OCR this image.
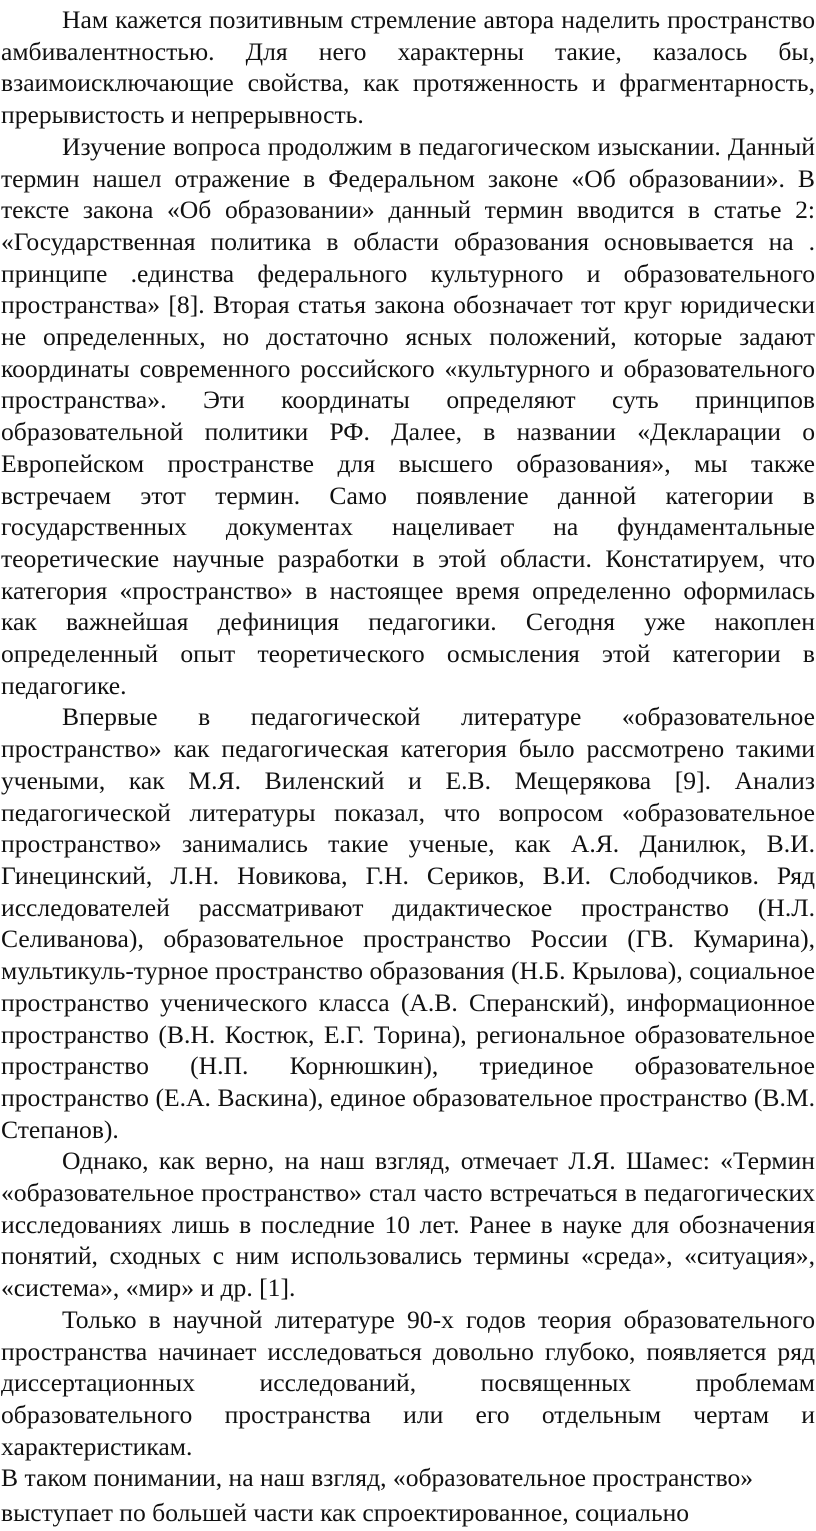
Нам кажется позитивным стремление автора наделить пространство амбивалентностью. Для него характерны такие, казалось бы, взаимоисключающие свойства, как протяженность и фрагментарность, прерывистость и непрерывность.

Изучение вопроса продолжим в педагогическом изыскании. Данный термин нашел отражение в Федеральном законе «Об образовании». В тексте закона «Об образовании» данный термин вводится в статье 2: «Государственная политика в области образования основывается на . принципе .единства федерального культурного и образовательного пространства» [8]. Вторая статья закона обозначает тот круг юридически не определенных, но достаточно ясных положений, которые задают координаты современного российского «культурного и образовательного пространства». Эти координаты определяют суть принципов образовательной политики РФ. Далее, в названии «Декларации о Европейском пространстве для высшего образования», мы также встречаем этот термин. Само появление данной категории в государственных документах нацеливает на фундаментальные теоретические научные разработки в этой области. Констатируем, что категория «пространство» в настоящее время определенно оформилась как важнейшая дефиниция педагогики. Сегодня уже накоплен определенный опыт теоретического осмысления этой категории в педагогике.

Впервые в педагогической литературе «образовательное пространство» как педагогическая категория было рассмотрено такими учеными, как М.Я. Виленский и Е.В. Мещерякова [9]. Анализ педагогической литературы показал, что вопросом «образовательное пространство» занимались такие ученые, как А.Я. Данилюк, В.И. Гинецинский, Л.Н. Новикова, Г.Н. Сериков, В.И. Слободчиков. Ряд исследователей рассматривают дидактическое пространство (Н.Л. Селиванова), образовательное пространство России (ГВ. Кумарина), мультикуль-турное пространство образования (Н.Б. Крылова), социальное пространство ученического класса (А.В. Сперанский), информационное пространство (В.Н. Костюк, Е.Г. Торина), региональное образовательное пространство (Н.П. Корнюшкин), триединое образовательное пространство (Е.А. Васкина), единое образовательное пространство (В.М. Степанов).

Однако, как верно, на наш взгляд, отмечает Л.Я. Шамес: «Термин «образовательное пространство» стал часто встречаться в педагогических исследованиях лишь в последние 10 лет. Ранее в науке для обозначения понятий, сходных с ним использовались термины «среда», «ситуация», «система», «мир» и др. [1].

Только в научной литературе 90-х годов теория образовательного пространства начинает исследоваться довольно глубоко, появляется ряд диссертационных исследований, посвященных проблемам образовательного пространства или его отдельным чертам и характеристикам.

В таком понимании, на наш взгляд, «образовательное пространство»

выступает по большей части как спроектированное, социально
